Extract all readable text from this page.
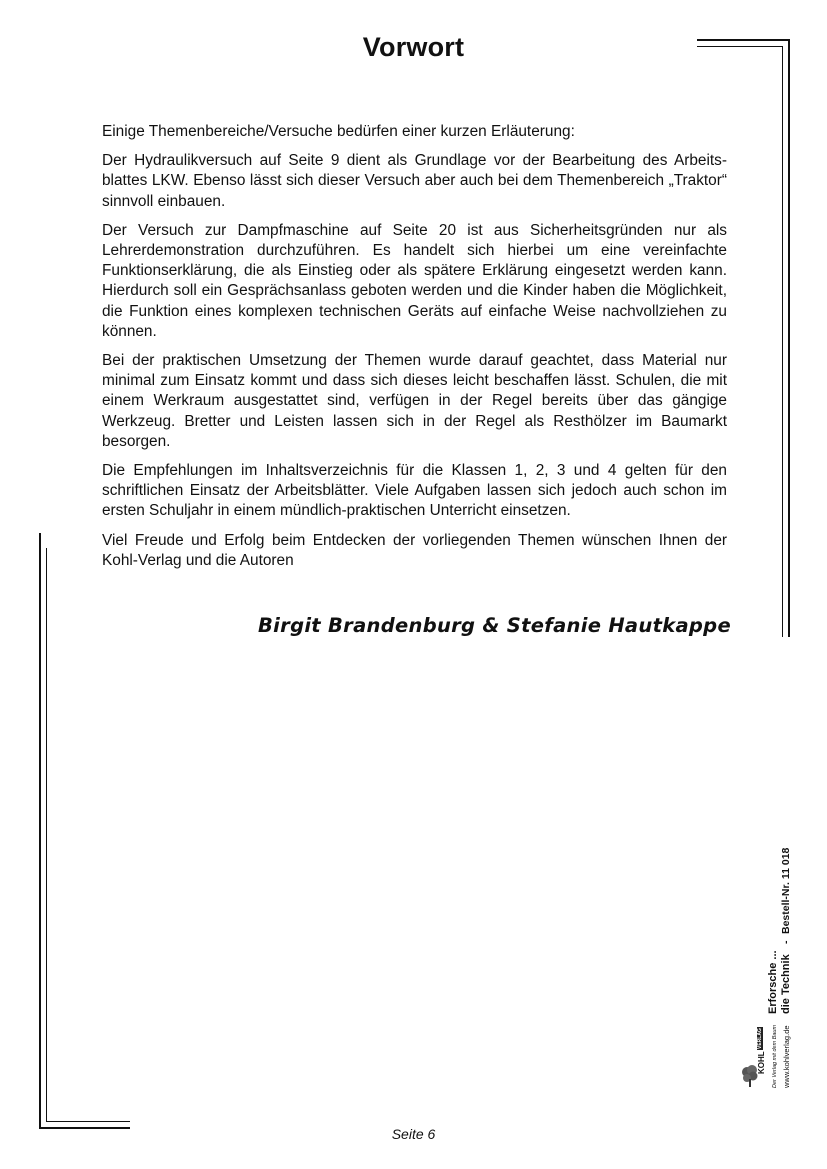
Vorwort

Einige Themenbereiche/Versuche bedürfen einer kurzen Erläuterung:

Der Hydraulikversuch auf Seite 9 dient als Grundlage vor der Bearbeitung des Arbeitsblattes LKW. Ebenso lässt sich dieser Versuch aber auch bei dem Themenbereich „Traktor“ sinnvoll einbauen.

Der Versuch zur Dampfmaschine auf Seite 20 ist aus Sicherheitsgründen nur als Lehrerdemonstration durchzuführen. Es handelt sich hierbei um eine vereinfachte Funktionserklärung, die als Einstieg oder als spätere Erklärung eingesetzt werden kann. Hierdurch soll ein Gesprächsanlass geboten werden und die Kinder haben die Möglichkeit, die Funktion eines komplexen technischen Geräts auf einfache Weise nachvollziehen zu können.

Bei der praktischen Umsetzung der Themen wurde darauf geachtet, dass Material nur minimal zum Einsatz kommt und dass sich dieses leicht beschaffen lässt. Schulen, die mit einem Werkraum ausgestattet sind, verfügen in der Regel bereits über das gängige Werkzeug. Bretter und Leisten lassen sich in der Regel als Resthölzer im Baumarkt besorgen.

Die Empfehlungen im Inhaltsverzeichnis für die Klassen 1, 2, 3 und 4 gelten für den schriftlichen Einsatz der Arbeitsblätter. Viele Aufgaben lassen sich jedoch auch schon im ersten Schuljahr in einem mündlich-praktischen Unterricht einsetzen.

Viel Freude und Erfolg beim Entdecken der vorliegenden Themen wünschen Ihnen der Kohl-Verlag und die Autoren

Birgit Brandenburg & Stefanie Hautkappe
Seite 6
Bestell-Nr. 11 018
-
Erforsche ... die Technik
www.kohlverlag.de
Der Verlag mit dem Baum
KOHL
VERLAG
